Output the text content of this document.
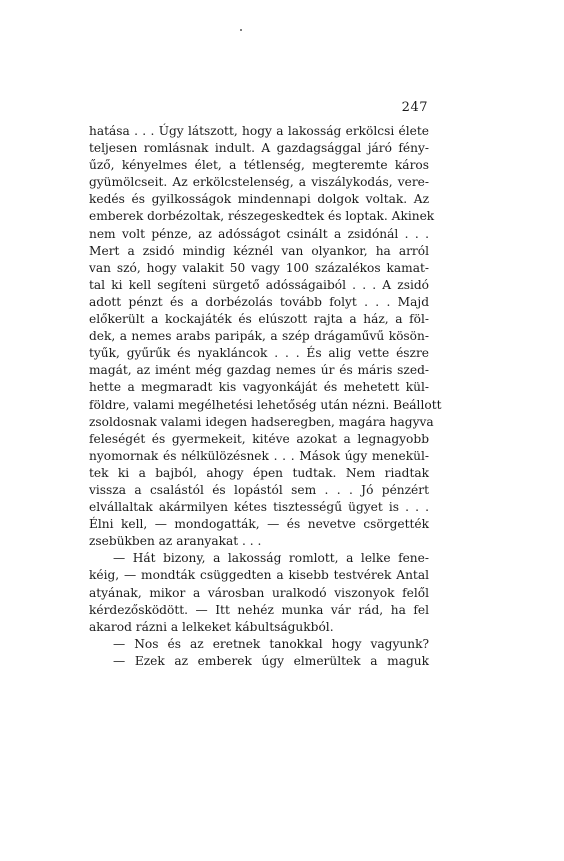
247
hatása . . . Úgy látszott, hogy a lakosság erkölcsi élete
teljesen romlásnak indult. A gazdagsággal járó fény-
űző, kényelmes élet, a tétlenség, megteremte káros
gyümölcseit. Az erkölcstelenség, a viszálykodás, vere-
kedés és gyilkosságok mindennapi dolgok voltak. Az
emberek dorbézoltak, részegeskedtek és loptak. Akinek
nem volt pénze, az adósságot csinált a zsidónál . . .
Mert a zsidó mindig kéznél van olyankor, ha arról
van szó, hogy valakit 50 vagy 100 százalékos kamat-
tal ki kell segíteni sürgető adósságaiból . . . A zsidó
adott pénzt és a dorbézolás tovább folyt . . . Majd
előkerült a kockajáték és elúszott rajta a ház, a föl-
dek, a nemes arabs paripák, a szép drágaművű kösön-
tyűk, gyűrűk és nyakláncok . . . És alig vette észre
magát, az imént még gazdag nemes úr és máris szed-
hette a megmaradt kis vagyonkáját és mehetett kül-
földre, valami megélhetési lehetőség után nézni. Beállott
zsoldosnak valami idegen hadseregben, magára hagyva
feleségét és gyermekeit, kitéve azokat a legnagyobb
nyomornak és nélkülözésnek . . . Mások úgy menekül-
tek ki a bajból, ahogy épen tudtak. Nem riadtak
vissza a csalástól és lopástól sem . . . Jó pénzért
elvállaltak akármilyen kétes tisztességű ügyet is . . .
Élni kell, — mondogatták, — és nevetve csörgették
zsebükben az aranyakat . . .
— Hát bizony, a lakosság romlott, a lelke fene-
kéig, — mondták csüggedten a kisebb testvérek Antal
atyának, mikor a városban uralkodó viszonyok felől
kérdezősködött. — Itt nehéz munka vár rád, ha fel
akarod rázni a lelkeket kábultságukból.
— Nos és az eretnek tanokkal hogy vagyunk?
— Ezek az emberek úgy elmerültek a maguk
